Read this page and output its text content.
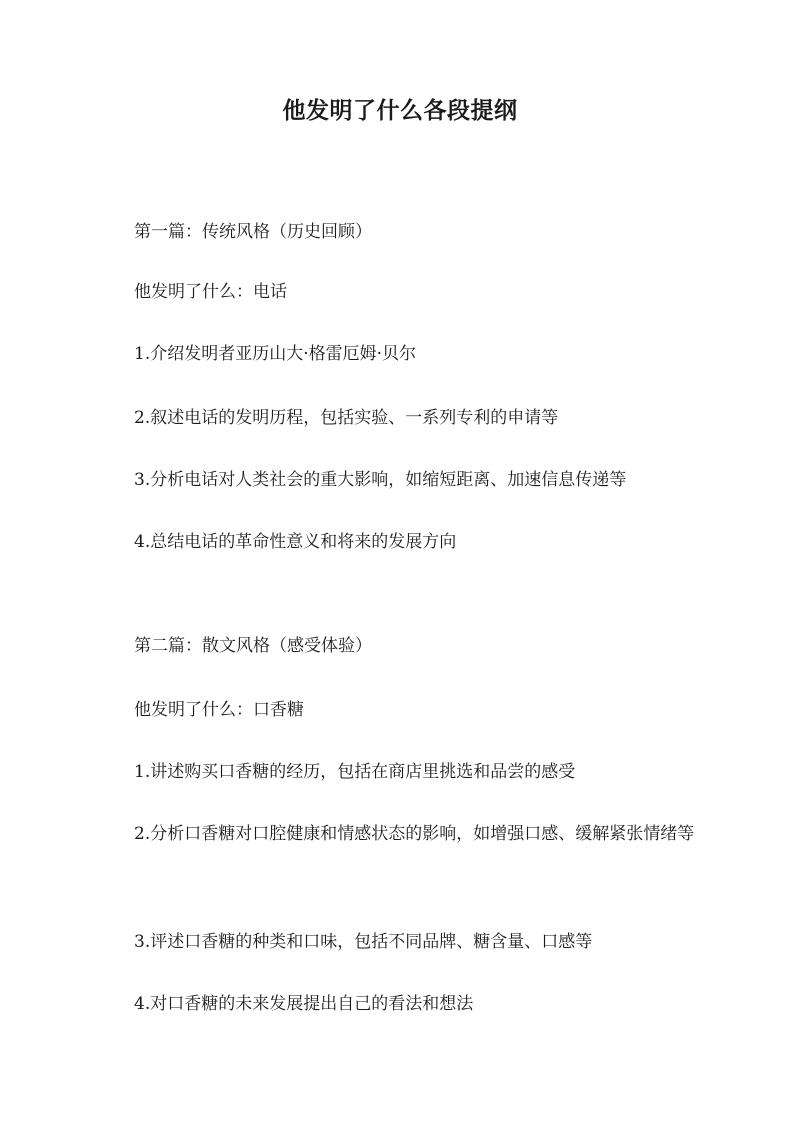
他发明了什么各段提纲

第一篇：传统风格（历史回顾）

他发明了什么：电话

1.介绍发明者亚历山大·格雷厄姆·贝尔

2.叙述电话的发明历程，包括实验、一系列专利的申请等

3.分析电话对人类社会的重大影响，如缩短距离、加速信息传递等

4.总结电话的革命性意义和将来的发展方向

第二篇：散文风格（感受体验）

他发明了什么：口香糖

1.讲述购买口香糖的经历，包括在商店里挑选和品尝的感受

2.分析口香糖对口腔健康和情感状态的影响，如增强口感、缓解紧张情绪等

3.评述口香糖的种类和口味，包括不同品牌、糖含量、口感等

4.对口香糖的未来发展提出自己的看法和想法
